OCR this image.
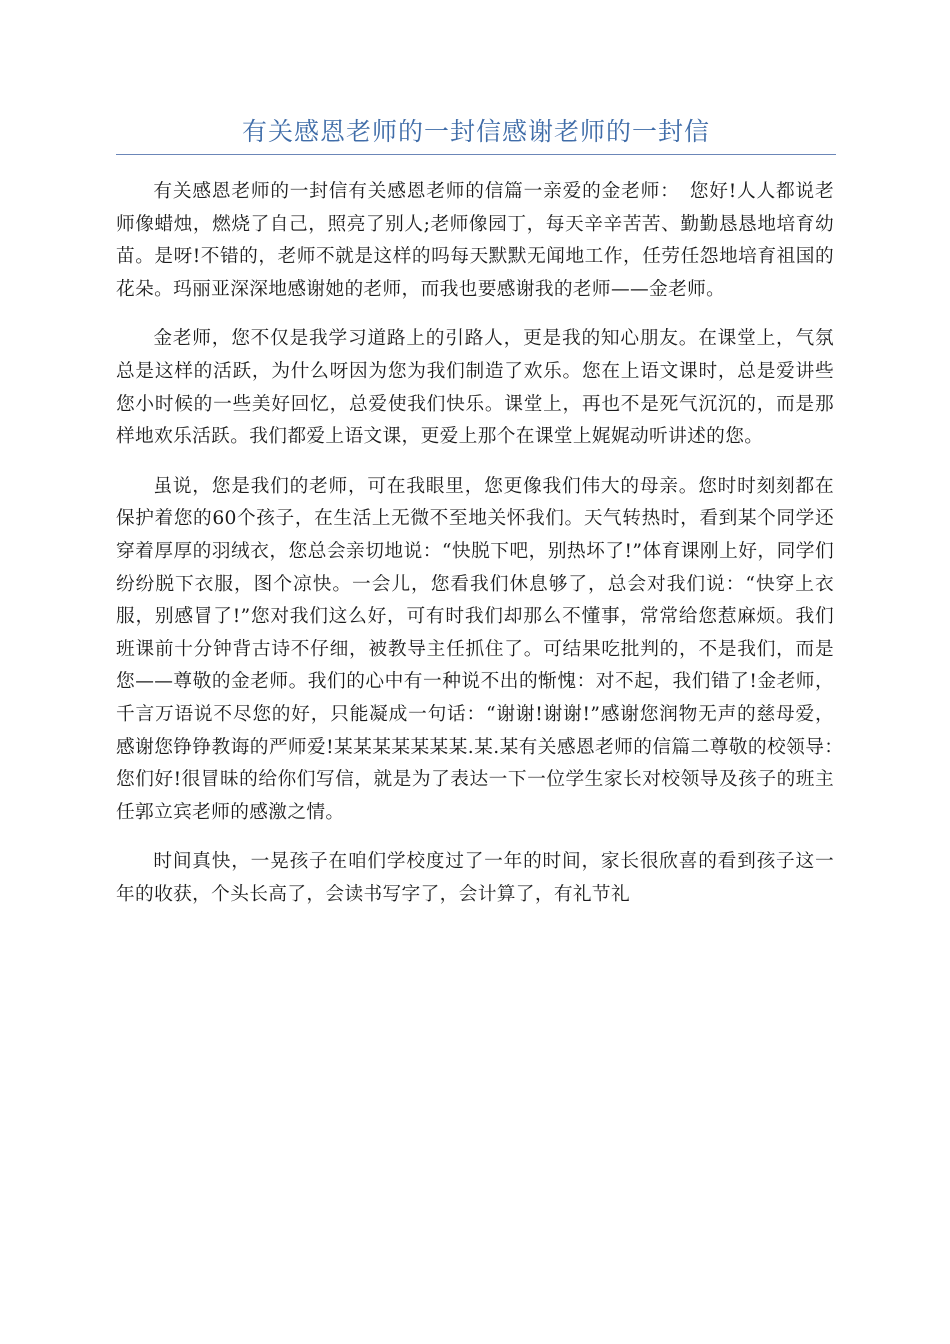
有关感恩老师的一封信感谢老师的一封信

有关感恩老师的一封信有关感恩老师的信篇一亲爱的金老师：　您好!人人都说老师像蜡烛，燃烧了自己，照亮了别人;老师像园丁，每天辛辛苦苦、勤勤恳恳地培育幼苗。是呀!不错的，老师不就是这样的吗每天默默无闻地工作，任劳任怨地培育祖国的花朵。玛丽亚深深地感谢她的老师，而我也要感谢我的老师——金老师。

金老师，您不仅是我学习道路上的引路人，更是我的知心朋友。在课堂上，气氛总是这样的活跃，为什么呀因为您为我们制造了欢乐。您在上语文课时，总是爱讲些您小时候的一些美好回忆，总爱使我们快乐。课堂上，再也不是死气沉沉的，而是那样地欢乐活跃。我们都爱上语文课，更爱上那个在课堂上娓娓动听讲述的您。

虽说，您是我们的老师，可在我眼里，您更像我们伟大的母亲。您时时刻刻都在保护着您的60个孩子，在生活上无微不至地关怀我们。天气转热时，看到某个同学还穿着厚厚的羽绒衣，您总会亲切地说：“快脱下吧，别热坏了!”体育课刚上好，同学们纷纷脱下衣服，图个凉快。一会儿，您看我们休息够了，总会对我们说：“快穿上衣服，别感冒了!”您对我们这么好，可有时我们却那么不懂事，常常给您惹麻烦。我们班课前十分钟背古诗不仔细，被教导主任抓住了。可结果吃批判的，不是我们，而是您——尊敬的金老师。我们的心中有一种说不出的惭愧：对不起，我们错了!金老师，千言万语说不尽您的好，只能凝成一句话：“谢谢!谢谢!”感谢您润物无声的慈母爱，感谢您铮铮教诲的严师爱!某某某某某某某.某.某有关感恩老师的信篇二尊敬的校领导：　您们好!很冒昧的给你们写信，就是为了表达一下一位学生家长对校领导及孩子的班主任郭立宾老师的感激之情。

时间真快，一晃孩子在咱们学校度过了一年的时间，家长很欣喜的看到孩子这一年的收获，个头长高了，会读书写字了，会计算了，有礼节礼
